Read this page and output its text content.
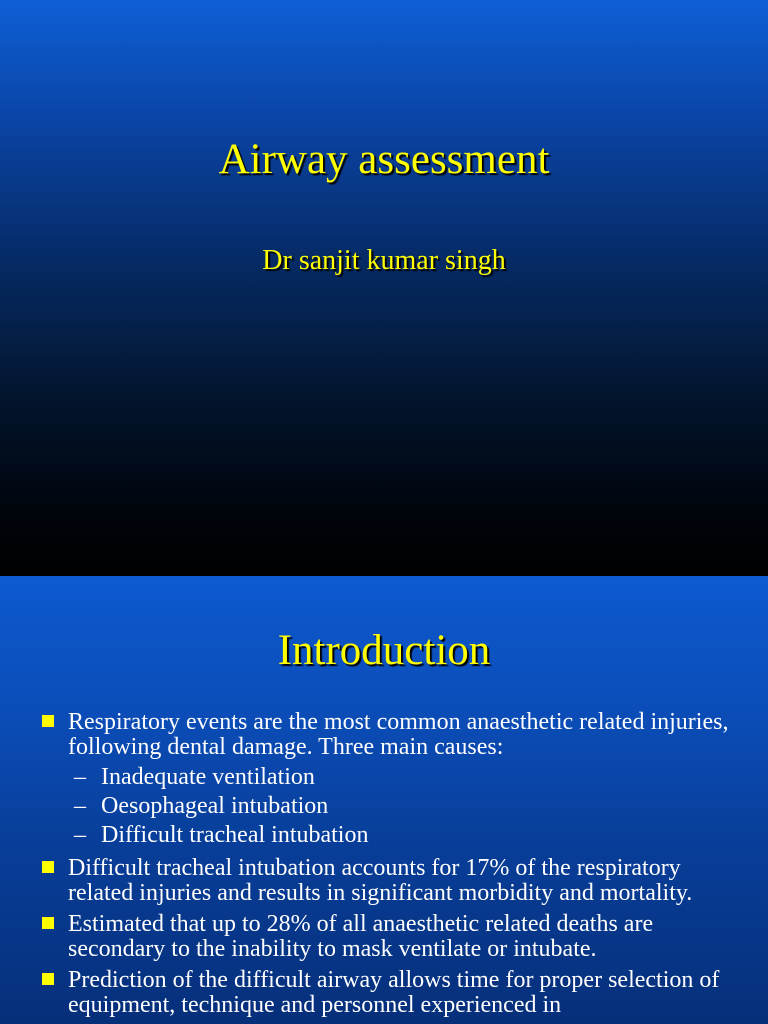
Airway assessment
Dr sanjit kumar singh
Introduction
Respiratory events are the most common anaesthetic related injuries, following dental damage. Three main causes:
– Inadequate ventilation
– Oesophageal intubation
– Difficult tracheal intubation
Difficult tracheal intubation accounts for 17% of the respiratory related injuries and results in significant morbidity and mortality.
Estimated that up to 28% of all anaesthetic related deaths are secondary to the inability to mask ventilate or intubate.
Prediction of the difficult airway allows time for proper selection of equipment, technique and personnel experienced in
